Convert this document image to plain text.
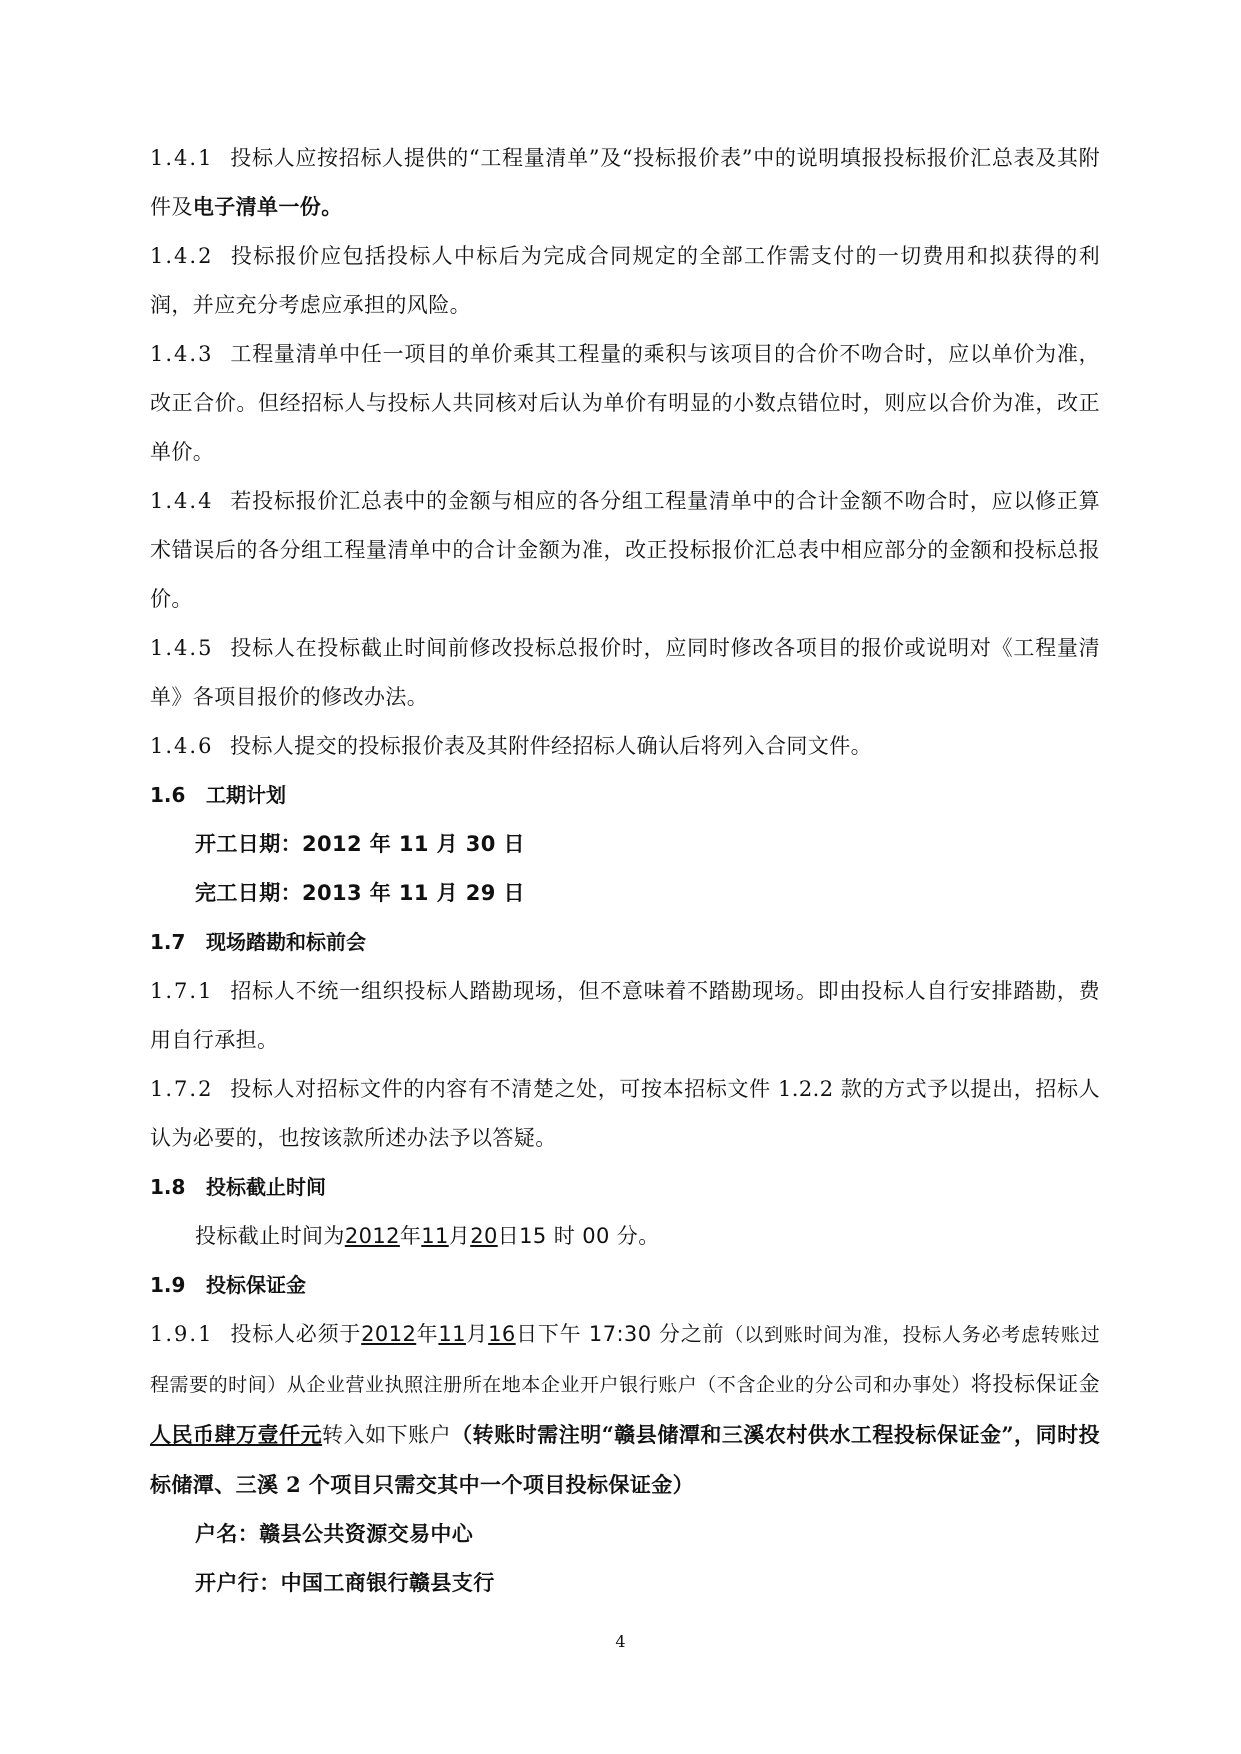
1.4.1 投标人应按招标人提供的“工程量清单”及“投标报价表”中的说明填报投标报价汇总表及其附件及电子清单一份。
1.4.2 投标报价应包括投标人中标后为完成合同规定的全部工作需支付的一切费用和拟获得的利润，并应充分考虑应承担的风险。
1.4.3 工程量清单中任一项目的单价乘其工程量的乘积与该项目的合价不吻合时，应以单价为准，改正合价。但经招标人与投标人共同核对后认为单价有明显的小数点错位时，则应以合价为准，改正单价。
1.4.4 若投标报价汇总表中的金额与相应的各分组工程量清单中的合计金额不吻合时，应以修正算术错误后的各分组工程量清单中的合计金额为准，改正投标报价汇总表中相应部分的金额和投标总报价。
1.4.5 投标人在投标截止时间前修改投标总报价时，应同时修改各项目的报价或说明对《工程量清单》各项目报价的修改办法。
1.4.6 投标人提交的投标报价表及其附件经招标人确认后将列入合同文件。
1.6 工期计划
开工日期：2012 年 11 月 30 日
完工日期：2013 年 11 月 29 日
1.7 现场踏勘和标前会
1.7.1 招标人不统一组织投标人踏勘现场，但不意味着不踏勘现场。即由投标人自行安排踏勘，费用自行承担。
1.7.2 投标人对招标文件的内容有不清楚之处，可按本招标文件 1.2.2 款的方式予以提出，招标人认为必要的，也按该款所述办法予以答疑。
1.8 投标截止时间
投标截止时间为2012年11月20日15 时 00 分。
1.9 投标保证金
1.9.1 投标人必须于2012年11月16日下午 17:30 分之前（以到账时间为准，投标人务必考虑转账过程需要的时间）从企业营业执照注册所在地本企业开户银行账户（不含企业的分公司和办事处）将投标保证金人民币肆万壹仟元转入如下账户（转账时需注明“赣县储潭和三溪农村供水工程投标保证金”，同时投标储潭、三溪 2 个项目只需交其中一个项目投标保证金）
户名：赣县公共资源交易中心
开户行：中国工商银行赣县支行
4
